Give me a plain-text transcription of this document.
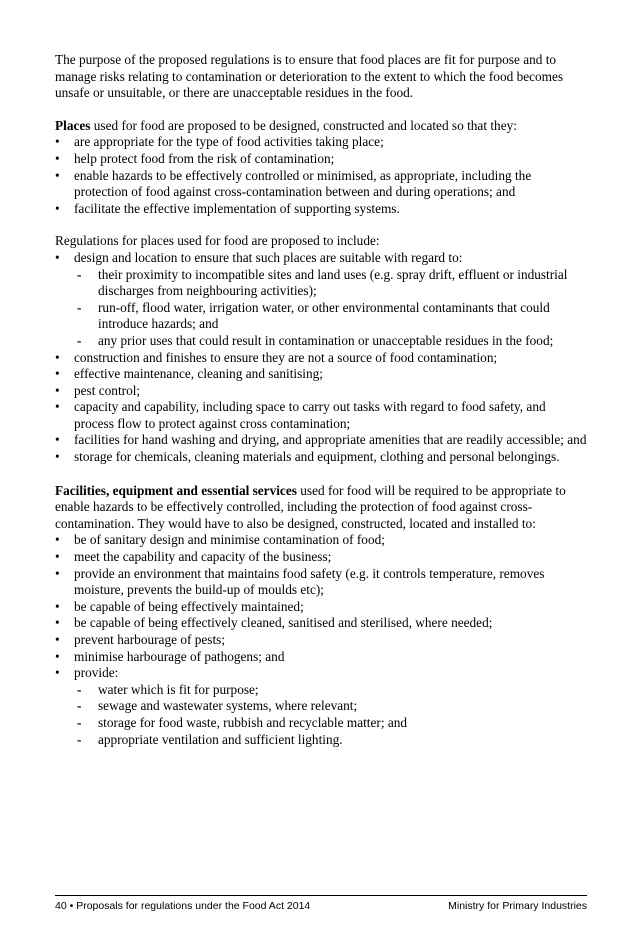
The purpose of the proposed regulations is to ensure that food places are fit for purpose and to manage risks relating to contamination or deterioration to the extent to which the food becomes unsafe or unsuitable, or there are unacceptable residues in the food.

Places used for food are proposed to be designed, constructed and located so that they:

• are appropriate for the type of food activities taking place;
• help protect food from the risk of contamination;
• enable hazards to be effectively controlled or minimised, as appropriate, including the protection of food against cross-contamination between and during operations; and
• facilitate the effective implementation of supporting systems.

Regulations for places used for food are proposed to include:

• design and location to ensure that such places are suitable with regard to:
- their proximity to incompatible sites and land uses (e.g. spray drift, effluent or industrial discharges from neighbouring activities);
- run-off, flood water, irrigation water, or other environmental contaminants that could introduce hazards; and
- any prior uses that could result in contamination or unacceptable residues in the food;
• construction and finishes to ensure they are not a source of food contamination;
• effective maintenance, cleaning and sanitising;
• pest control;
• capacity and capability, including space to carry out tasks with regard to food safety, and process flow to protect against cross contamination;
• facilities for hand washing and drying, and appropriate amenities that are readily accessible; and
• storage for chemicals, cleaning materials and equipment, clothing and personal belongings.

Facilities, equipment and essential services used for food will be required to be appropriate to enable hazards to be effectively controlled, including the protection of food against cross-contamination. They would have to also be designed, constructed, located and installed to:

• be of sanitary design and minimise contamination of food;
• meet the capability and capacity of the business;
• provide an environment that maintains food safety (e.g. it controls temperature, removes moisture, prevents the build-up of moulds etc);
• be capable of being effectively maintained;
• be capable of being effectively cleaned, sanitised and sterilised, where needed;
• prevent harbourage of pests;
• minimise harbourage of pathogens; and
• provide:
- water which is fit for purpose;
- sewage and wastewater systems, where relevant;
- storage for food waste, rubbish and recyclable matter; and
- appropriate ventilation and sufficient lighting.
40 • Proposals for regulations under the Food Act 2014	Ministry for Primary Industries
